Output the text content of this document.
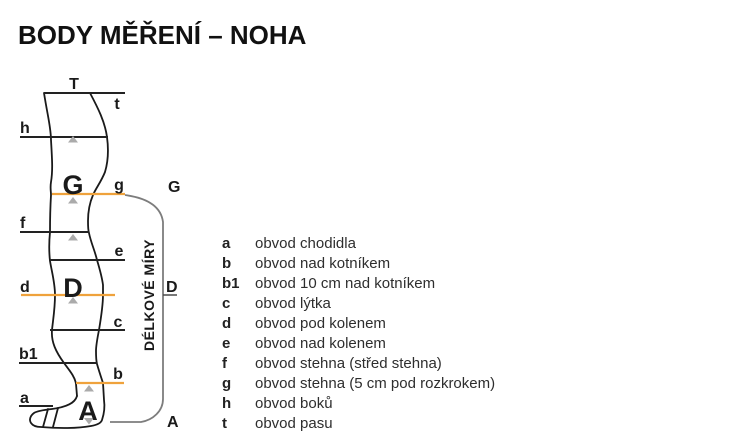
BODY MĚŘENÍ – NOHA
T
t
h
g
f
e
d
c
b1
b
a
G
D
A
G
D
A
DÉLKOVÉ MÍRY	a	obvod chodidla
b	obvod nad kotníkem
b1	obvod 10 cm nad kotníkem
c	obvod lýtka
d	obvod pod kolenem
e	obvod nad kolenem
f	obvod stehna (střed stehna)
g	obvod stehna (5 cm pod rozkrokem)
h	obvod boků
t	obvod pasu
